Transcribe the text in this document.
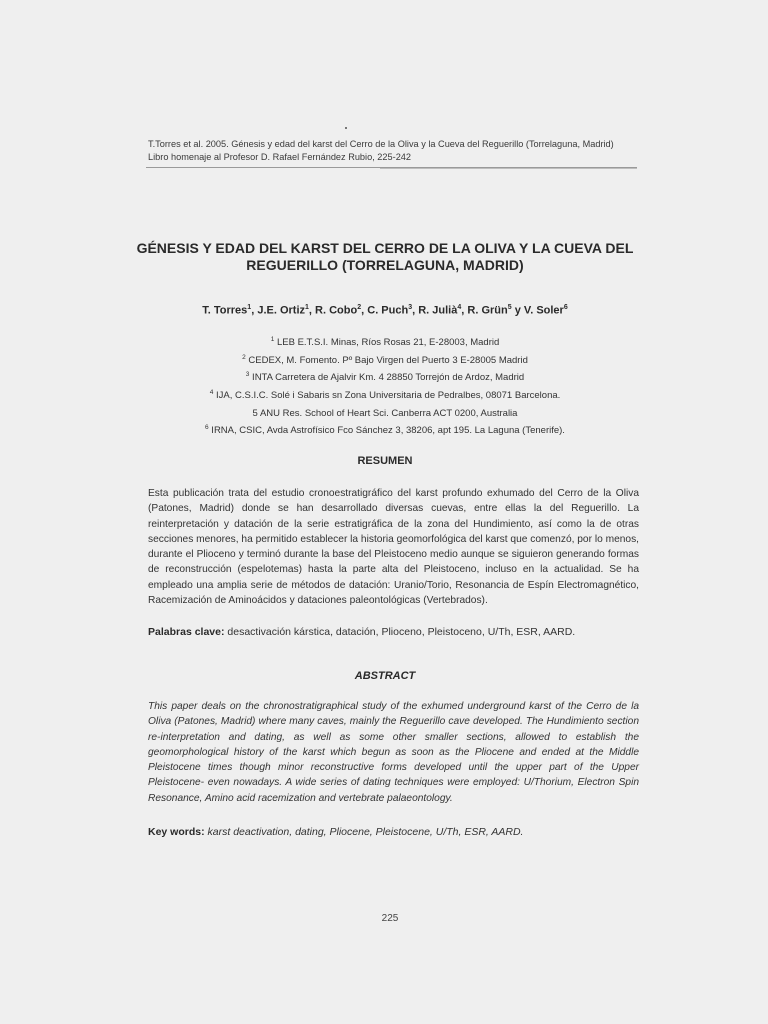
T.Torres et al. 2005. Génesis y edad del karst del Cerro de la Oliva y la Cueva del Reguerillo (Torrelaguna, Madrid)
Libro homenaje al Profesor D. Rafael Fernández Rubio, 225-242
GÉNESIS Y EDAD DEL KARST DEL CERRO DE LA OLIVA Y LA CUEVA DEL
REGUERILLO (TORRELAGUNA, MADRID)
T. Torres$^1$, J.E. Ortiz$^1$, R. Cobo$^2$, C. Puch$^3$, R. Julià$^4$, R. Grün$^5$ y V. Soler$^6$
$^1$ LEB E.T.S.I. Minas, Ríos Rosas 21, E-28003, Madrid
$^2$ CEDEX, M. Fomento. Pº Bajo Virgen del Puerto 3 E-28005 Madrid
$^3$ INTA Carretera de Ajalvir Km. 4 28850 Torrejón de Ardoz, Madrid
$^4$ IJA, C.S.I.C. Solé i Sabaris sn Zona Universitaria de Pedralbes, 08071 Barcelona.
5 ANU Res. School of Heart Sci. Canberra ACT 0200, Australia
$^6$ IRNA, CSIC, Avda Astrofísico Fco Sánchez 3, 38206, apt 195. La Laguna (Tenerife).
RESUMEN
Esta publicación trata del estudio cronoestratigráfico del karst profundo exhumado del Cerro de la Oliva (Patones, Madrid) donde se han desarrollado diversas cuevas, entre ellas la del Reguerillo. La reinterpretación y datación de la serie estratigráfica de la zona del Hundimiento, así como la de otras secciones menores, ha permitido establecer la historia geomorfológica del karst que comenzó, por lo menos, durante el Plioceno y terminó durante la base del Pleistoceno medio aunque se siguieron generando formas de reconstrucción (espelotemas) hasta la parte alta del Pleistoceno, incluso en la actualidad. Se ha empleado una amplia serie de métodos de datación: Uranio/Torio, Resonancia de Espín Electromagnético, Racemización de Aminoácidos y dataciones paleontológicas (Vertebrados).
Palabras clave: desactivación kárstica, datación, Plioceno, Pleistoceno, U/Th, ESR, AARD.
ABSTRACT
This paper deals on the chronostratigraphical study of the exhumed underground karst of the Cerro de la Oliva (Patones, Madrid) where many caves, mainly the Reguerillo cave developed. The Hundimiento section re-interpretation and dating, as well as some other smaller sections, allowed to establish the geomorphological history of the karst which begun as soon as the Pliocene and ended at the Middle Pleistocene times though minor reconstructive forms developed until the upper part of the Upper Pleistocene- even nowadays. A wide series of dating techniques were employed: U/Thorium, Electron Spin Resonance, Amino acid racemization and vertebrate palaeontology.
Key words: karst deactivation, dating, Pliocene, Pleistocene, U/Th, ESR, AARD.
225
